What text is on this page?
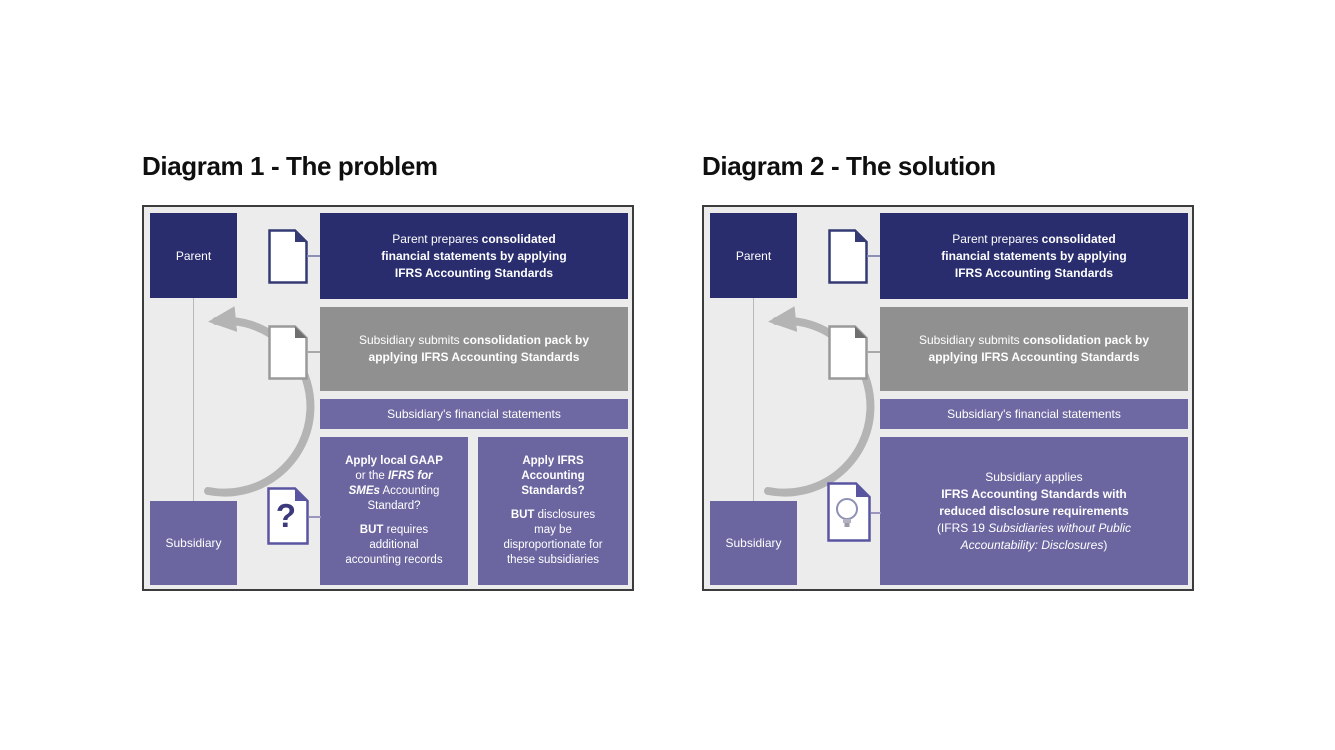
Diagram 1 - The problem	Diagram 2 - The solution
Parent
Parent prepares consolidated
financial statements by applying
IFRS Accounting Standards
Subsidiary submits consolidation pack by
applying IFRS Accounting Standards
Subsidiary's financial statements
Apply local GAAP
or the IFRS for
SMEs Accounting
Standard?
BUT requires
additional
accounting records
Apply IFRS
Accounting
Standards?
BUT disclosures
may be
disproportionate for
these subsidiaries
Subsidiary
?
Parent
Parent prepares consolidated
financial statements by applying
IFRS Accounting Standards
Subsidiary submits consolidation pack by
applying IFRS Accounting Standards
Subsidiary's financial statements
Subsidiary applies
IFRS Accounting Standards with
reduced disclosure requirements
(IFRS 19 Subsidiaries without Public
Accountability: Disclosures)
Subsidiary
